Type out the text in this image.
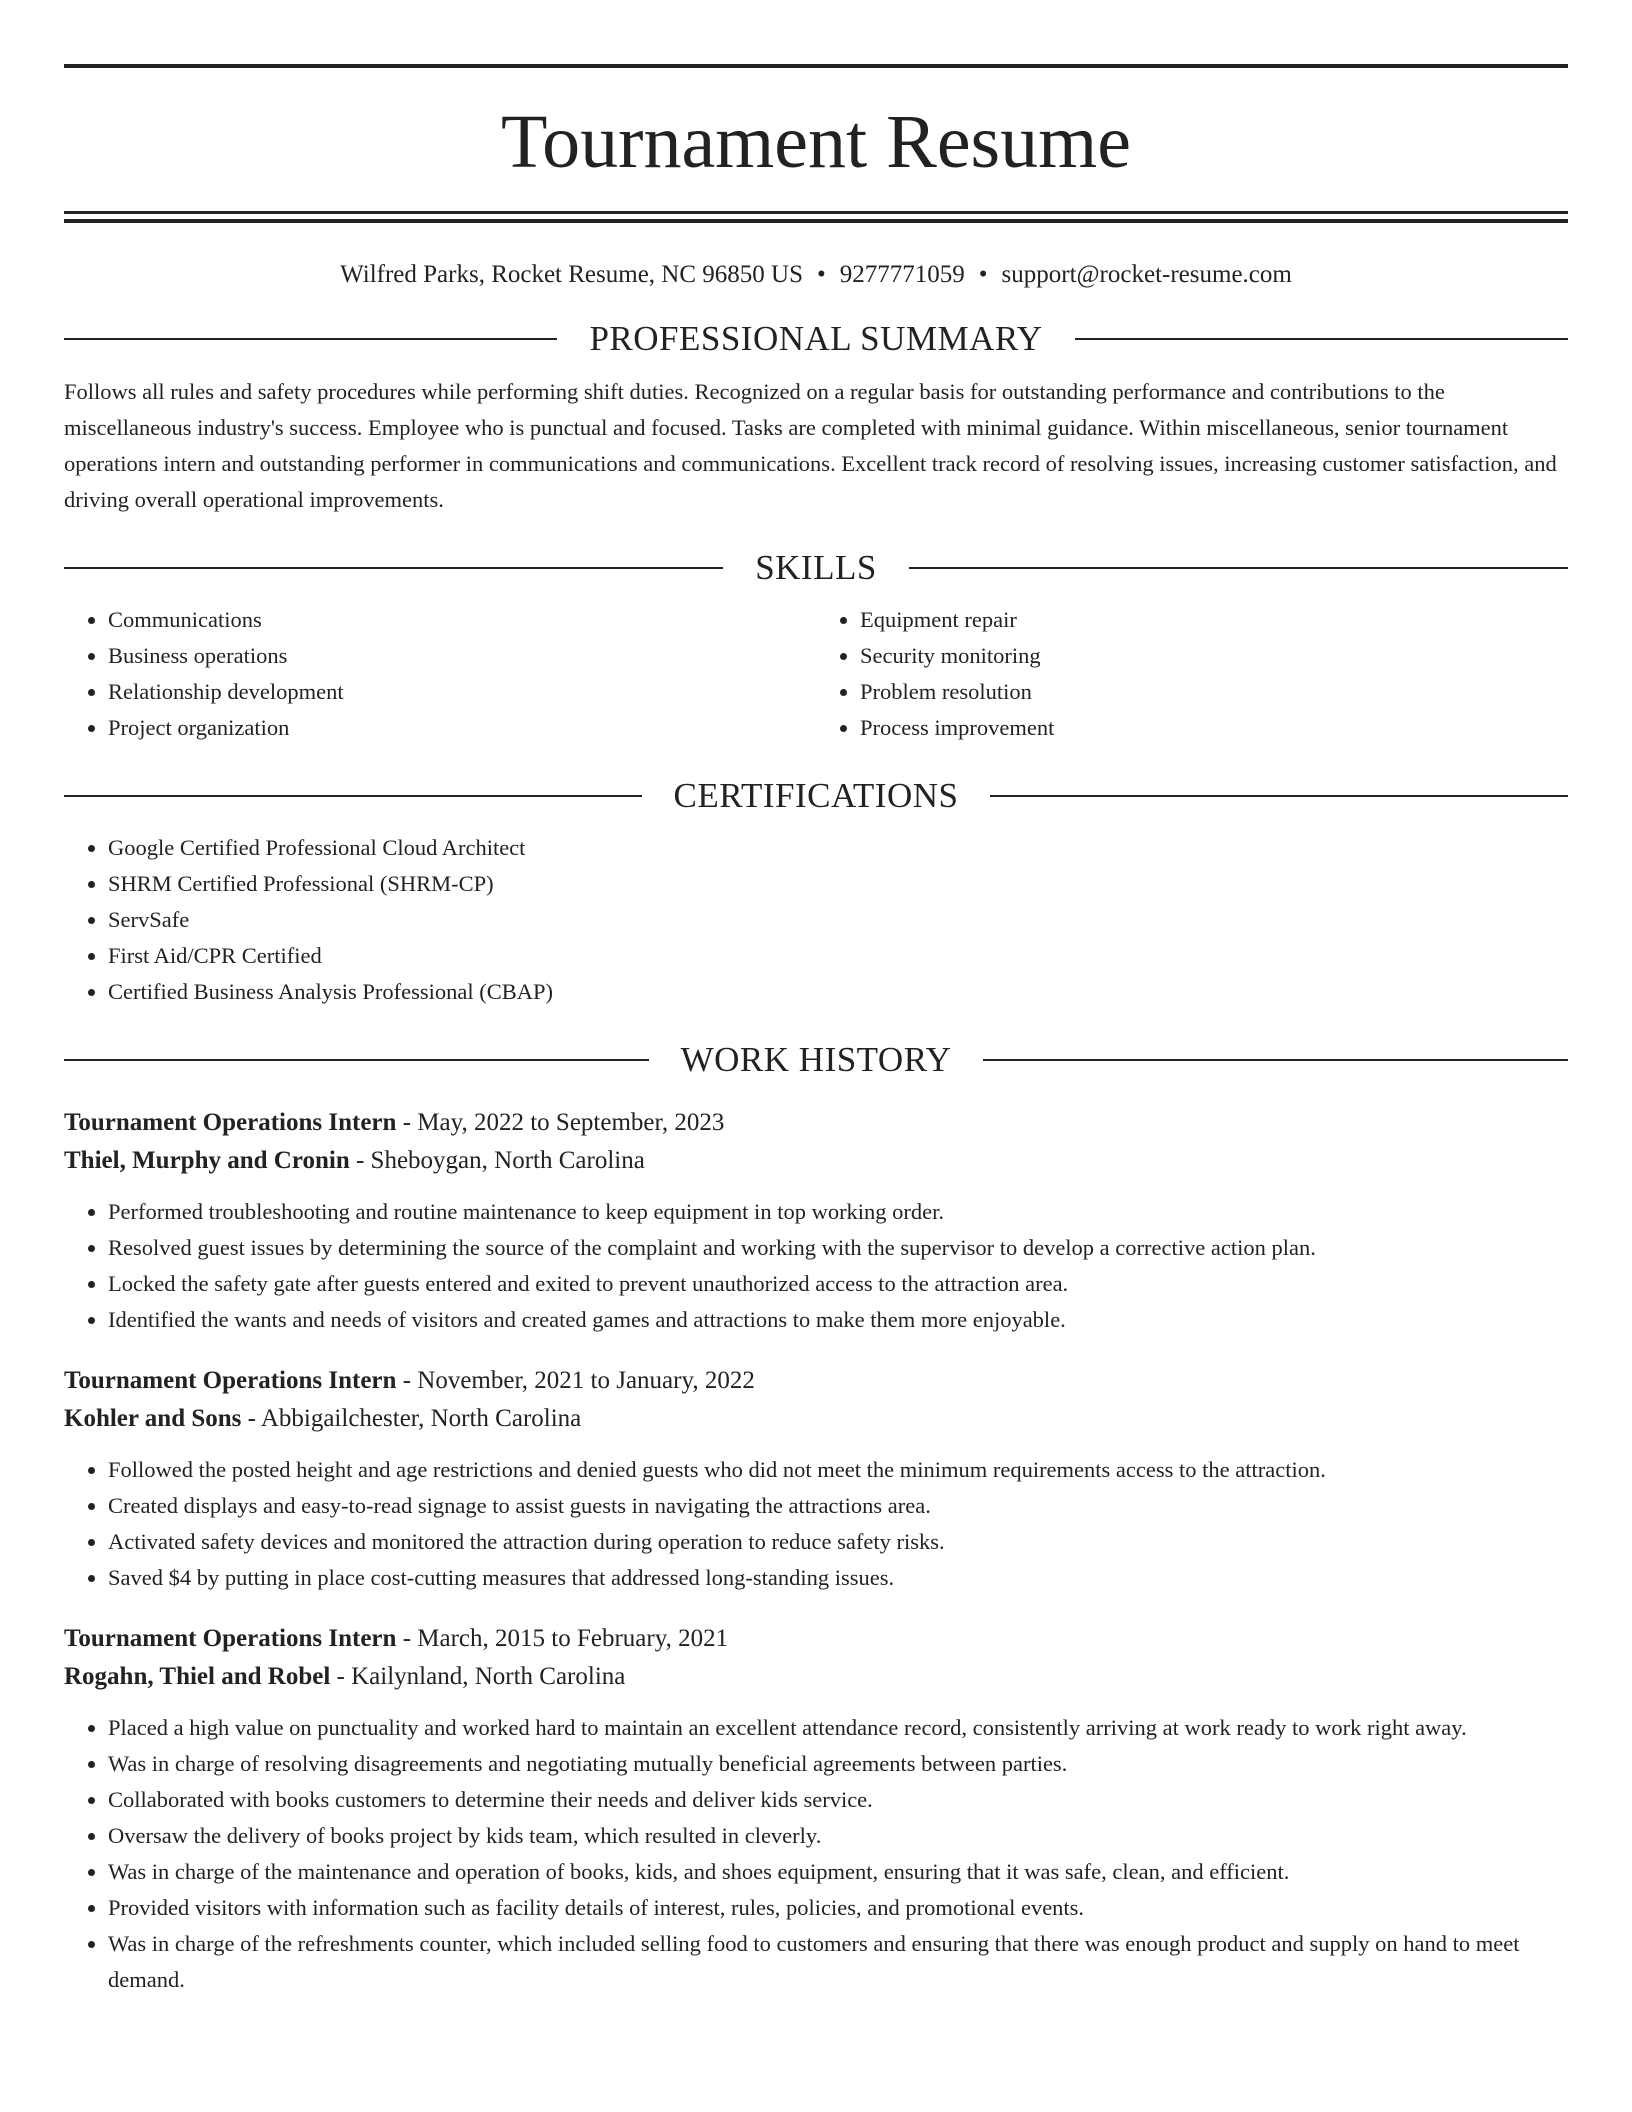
Tournament Resume
Wilfred Parks, Rocket Resume, NC 96850 US • 9277771059 • support@rocket-resume.com
PROFESSIONAL SUMMARY
Follows all rules and safety procedures while performing shift duties. Recognized on a regular basis for outstanding performance and contributions to the miscellaneous industry's success. Employee who is punctual and focused. Tasks are completed with minimal guidance. Within miscellaneous, senior tournament operations intern and outstanding performer in communications and communications. Excellent track record of resolving issues, increasing customer satisfaction, and driving overall operational improvements.
SKILLS
• Communications
• Business operations
• Relationship development
• Project organization
• Equipment repair
• Security monitoring
• Problem resolution
• Process improvement
CERTIFICATIONS
• Google Certified Professional Cloud Architect
• SHRM Certified Professional (SHRM-CP)
• ServSafe
• First Aid/CPR Certified
• Certified Business Analysis Professional (CBAP)
WORK HISTORY
Tournament Operations Intern - May, 2022 to September, 2023
Thiel, Murphy and Cronin - Sheboygan, North Carolina
• Performed troubleshooting and routine maintenance to keep equipment in top working order.
• Resolved guest issues by determining the source of the complaint and working with the supervisor to develop a corrective action plan.
• Locked the safety gate after guests entered and exited to prevent unauthorized access to the attraction area.
• Identified the wants and needs of visitors and created games and attractions to make them more enjoyable.
Tournament Operations Intern - November, 2021 to January, 2022
Kohler and Sons - Abbigailchester, North Carolina
• Followed the posted height and age restrictions and denied guests who did not meet the minimum requirements access to the attraction.
• Created displays and easy-to-read signage to assist guests in navigating the attractions area.
• Activated safety devices and monitored the attraction during operation to reduce safety risks.
• Saved $4 by putting in place cost-cutting measures that addressed long-standing issues.
Tournament Operations Intern - March, 2015 to February, 2021
Rogahn, Thiel and Robel - Kailynland, North Carolina
• Placed a high value on punctuality and worked hard to maintain an excellent attendance record, consistently arriving at work ready to work right away.
• Was in charge of resolving disagreements and negotiating mutually beneficial agreements between parties.
• Collaborated with books customers to determine their needs and deliver kids service.
• Oversaw the delivery of books project by kids team, which resulted in cleverly.
• Was in charge of the maintenance and operation of books, kids, and shoes equipment, ensuring that it was safe, clean, and efficient.
• Provided visitors with information such as facility details of interest, rules, policies, and promotional events.
• Was in charge of the refreshments counter, which included selling food to customers and ensuring that there was enough product and supply on hand to meet demand.
